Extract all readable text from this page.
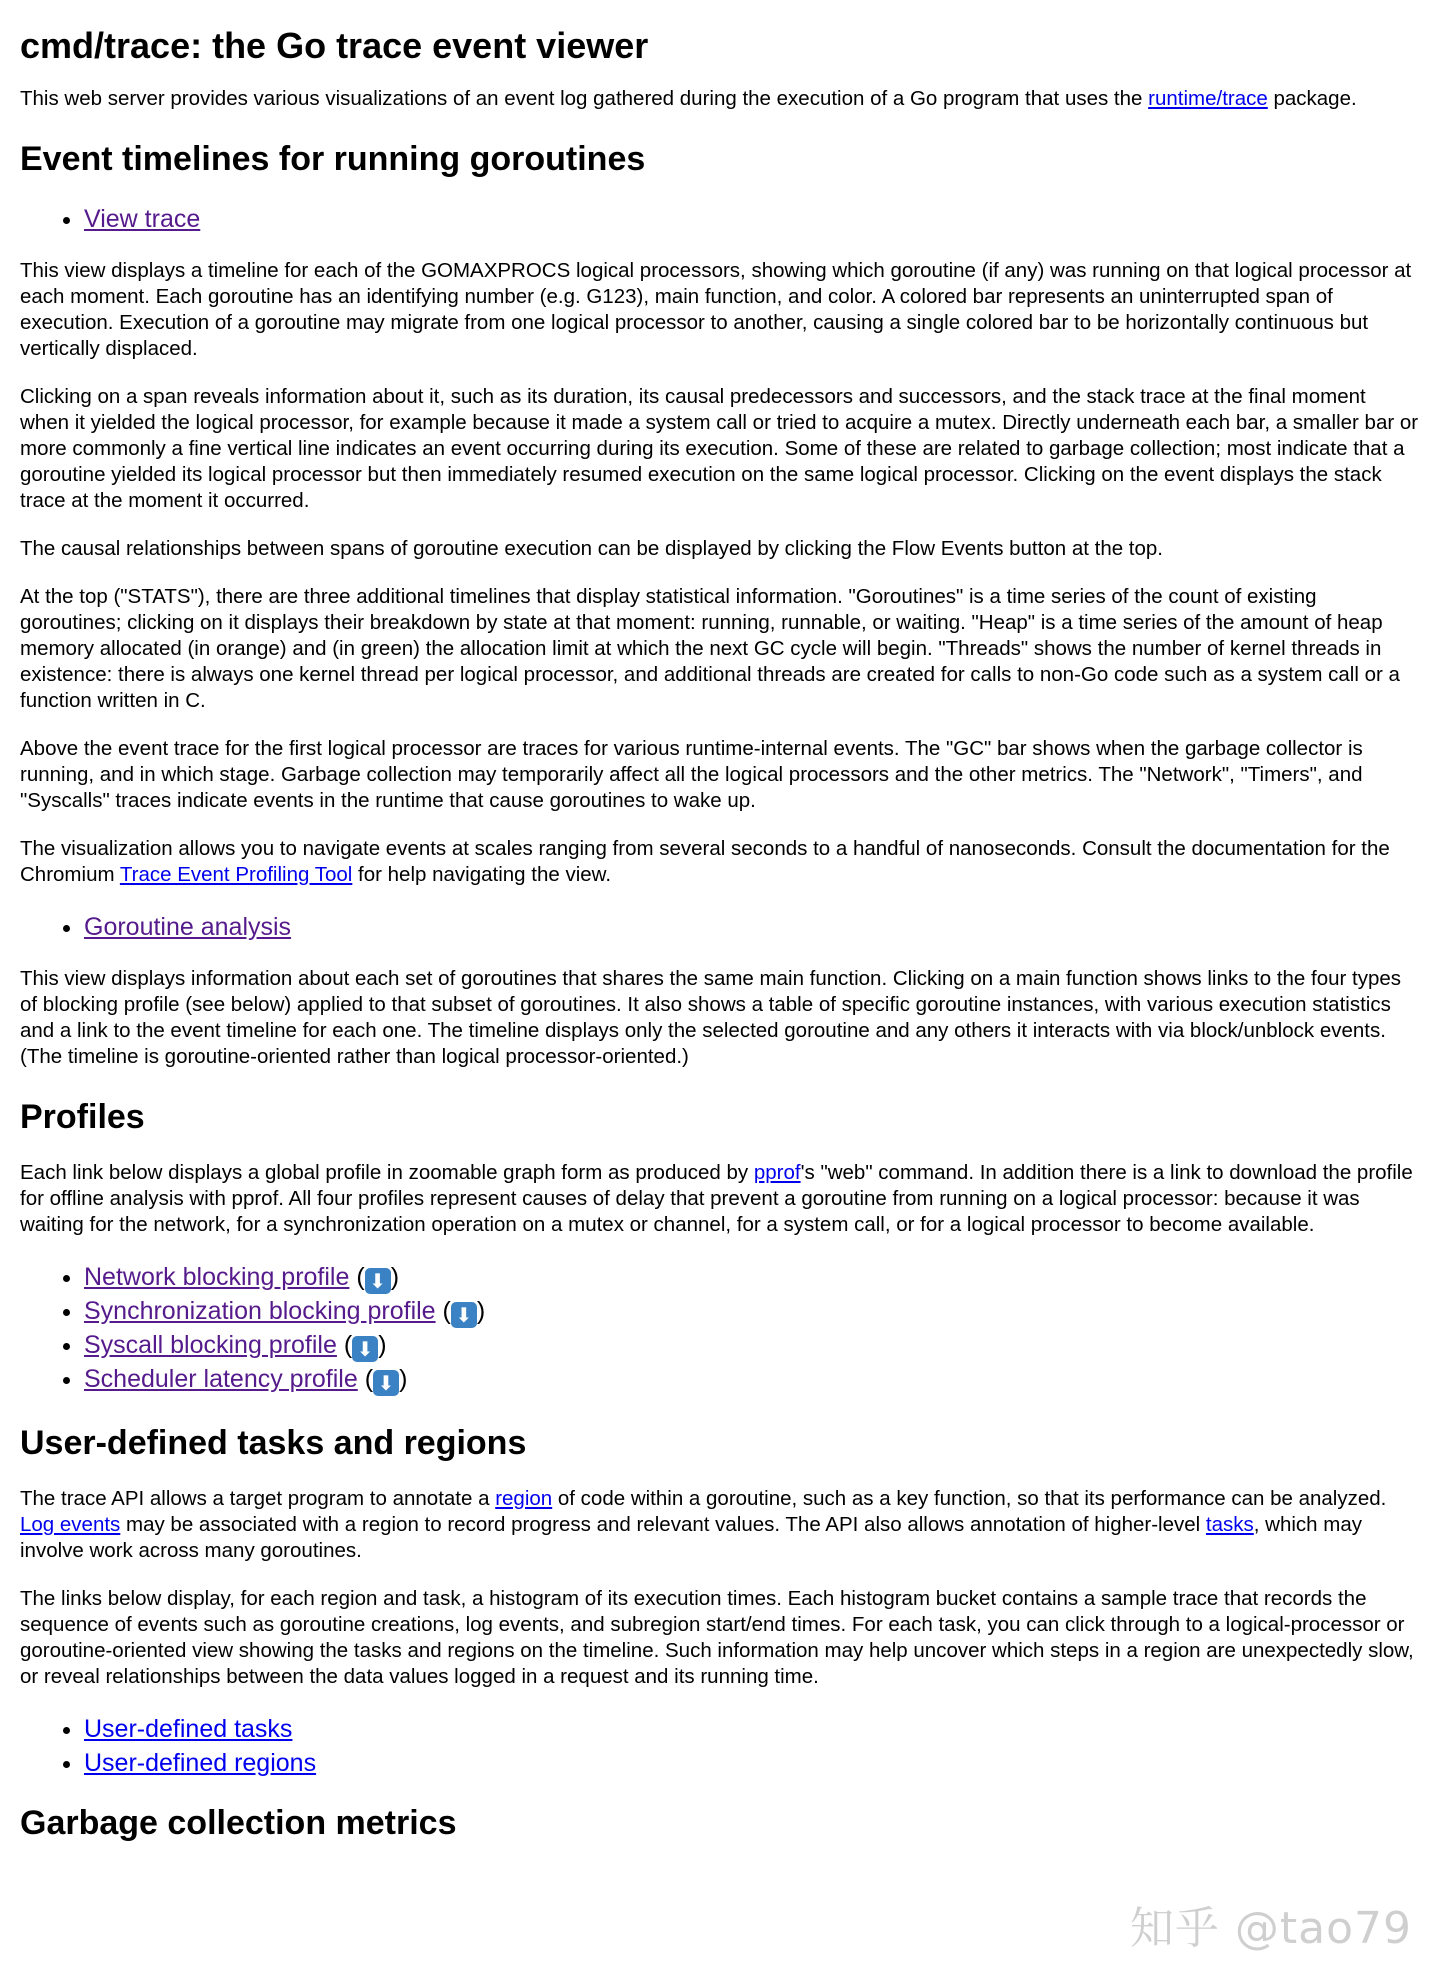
cmd/trace: the Go trace event viewer

This web server provides various visualizations of an event log gathered during the execution of a Go program that uses the runtime/trace package.

Event timelines for running goroutines
• View trace

This view displays a timeline for each of the GOMAXPROCS logical processors, showing which goroutine (if any) was running on that logical processor at each moment. Each goroutine has an identifying number (e.g. G123), main function, and color. A colored bar represents an uninterrupted span of execution. Execution of a goroutine may migrate from one logical processor to another, causing a single colored bar to be horizontally continuous but vertically displaced.

Clicking on a span reveals information about it, such as its duration, its causal predecessors and successors, and the stack trace at the final moment when it yielded the logical processor, for example because it made a system call or tried to acquire a mutex. Directly underneath each bar, a smaller bar or more commonly a fine vertical line indicates an event occurring during its execution. Some of these are related to garbage collection; most indicate that a goroutine yielded its logical processor but then immediately resumed execution on the same logical processor. Clicking on the event displays the stack trace at the moment it occurred.

The causal relationships between spans of goroutine execution can be displayed by clicking the Flow Events button at the top.

At the top ("STATS"), there are three additional timelines that display statistical information. "Goroutines" is a time series of the count of existing goroutines; clicking on it displays their breakdown by state at that moment: running, runnable, or waiting. "Heap" is a time series of the amount of heap memory allocated (in orange) and (in green) the allocation limit at which the next GC cycle will begin. "Threads" shows the number of kernel threads in existence: there is always one kernel thread per logical processor, and additional threads are created for calls to non-Go code such as a system call or a function written in C.

Above the event trace for the first logical processor are traces for various runtime-internal events. The "GC" bar shows when the garbage collector is running, and in which stage. Garbage collection may temporarily affect all the logical processors and the other metrics. The "Network", "Timers", and "Syscalls" traces indicate events in the runtime that cause goroutines to wake up.

The visualization allows you to navigate events at scales ranging from several seconds to a handful of nanoseconds. Consult the documentation for the Chromium Trace Event Profiling Tool for help navigating the view.

• Goroutine analysis

This view displays information about each set of goroutines that shares the same main function. Clicking on a main function shows links to the four types of blocking profile (see below) applied to that subset of goroutines. It also shows a table of specific goroutine instances, with various execution statistics and a link to the event timeline for each one. The timeline displays only the selected goroutine and any others it interacts with via block/unblock events. (The timeline is goroutine-oriented rather than logical processor-oriented.)

Profiles

Each link below displays a global profile in zoomable graph form as produced by pprof's "web" command. In addition there is a link to download the profile for offline analysis with pprof. All four profiles represent causes of delay that prevent a goroutine from running on a logical processor: because it was waiting for the network, for a synchronization operation on a mutex or channel, for a system call, or for a logical processor to become available.

• Network blocking profile ( ⬇ )
• Synchronization blocking profile ( ⬇ )
• Syscall blocking profile ( ⬇ )
• Scheduler latency profile ( ⬇ )
User-defined tasks and regions

The trace API allows a target program to annotate a region of code within a goroutine, such as a key function, so that its performance can be analyzed. Log events may be associated with a region to record progress and relevant values. The API also allows annotation of higher-level tasks, which may involve work across many goroutines.

The links below display, for each region and task, a histogram of its execution times. Each histogram bucket contains a sample trace that records the sequence of events such as goroutine creations, log events, and subregion start/end times. For each task, you can click through to a logical-processor or goroutine-oriented view showing the tasks and regions on the timeline. Such information may help uncover which steps in a region are unexpectedly slow, or reveal relationships between the data values logged in a request and its running time.

• User-defined tasks
• User-defined regions
Garbage collection metrics
知乎 @tao79
